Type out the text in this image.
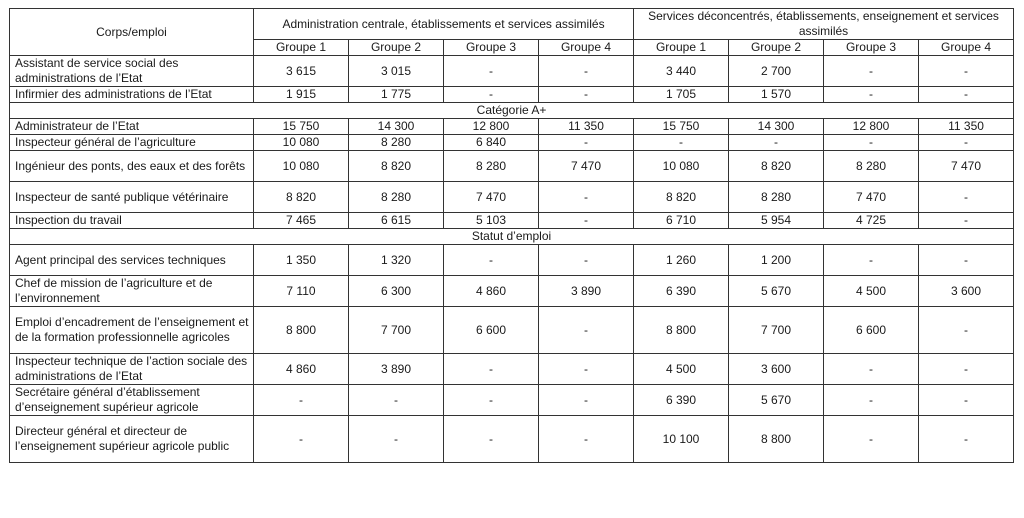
Corps/emploi	Administration centrale, établissements et services assimilés				Services déconcentrés, établissements, enseignement et services assimilés			
	Groupe 1	Groupe 2	Groupe 3	Groupe 4	Groupe 1	Groupe 2	Groupe 3	Groupe 4
Assistant de service social des administrations de l’Etat	3 615	3 015	-	-	3 440	2 700	-	-
Infirmier des administrations de l’Etat	1 915	1 775	-	-	1 705	1 570	-	-
Catégorie A+								
Administrateur de l’Etat	15 750	14 300	12 800	11 350	15 750	14 300	12 800	11 350
Inspecteur général de l’agriculture	10 080	8 280	6 840	-	-	-	-	-
Ingénieur des ponts, des eaux et des forêts	10 080	8 820	8 280	7 470	10 080	8 820	8 280	7 470
Inspecteur de santé publique vétérinaire	8 820	8 280	7 470	-	8 820	8 280	7 470	-
Inspection du travail	7 465	6 615	5 103	-	6 710	5 954	4 725	-
Statut d’emploi								
Agent principal des services techniques	1 350	1 320	-	-	1 260	1 200	-	-
Chef de mission de l’agriculture et de l’environnement	7 110	6 300	4 860	3 890	6 390	5 670	4 500	3 600
Emploi d’encadrement de l’enseignement et de la formation professionnelle agricoles	8 800	7 700	6 600	-	8 800	7 700	6 600	-
Inspecteur technique de l’action sociale des administrations de l’Etat	4 860	3 890	-	-	4 500	3 600	-	-
Secrétaire général d’établissement d’enseignement supérieur agricole	-	-	-	-	6 390	5 670	-	-
Directeur général et directeur de l’enseignement supérieur agricole public	-	-	-	-	10 100	8 800	-	-
